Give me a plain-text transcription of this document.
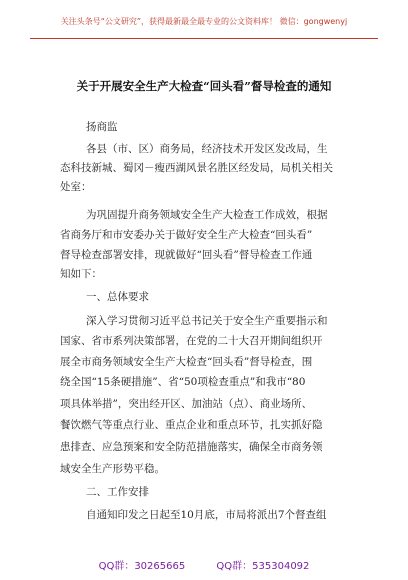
关注头条号“公文研究”，获得最新最全最专业的公文资料库！ 微信：gongwenyj
关于开展安全生产大检查“回头看”督导检查的通知
扬商监
各县（市、区）商务局，经济技术开发区发改局，生
态科技新城、蜀冈－瘦西湖风景名胜区经发局，局机关相关
处室：
为巩固提升商务领域安全生产大检查工作成效，根据
省商务厅和市安委办关于做好安全生产大检查“回头看”
督导检查部署安排，现就做好“回头看”督导检查工作通
知如下：
一、总体要求
深入学习贯彻习近平总书记关于安全生产重要指示和
国家、省市系列决策部署，在党的二十大召开期间组织开
展全市商务领域安全生产大检查“回头看”督导检查，围
绕全国“15条硬措施”、省“50项检查重点”和我市“80
项具体举措”，突出经开区、加油站（点）、商业场所、
餐饮燃气等重点行业、重点企业和重点环节，扎实抓好隐
患排查、应急预案和安全防范措施落实，确保全市商务领
域安全生产形势平稳。
二、工作安排
自通知印发之日起至10月底，市局将派出7个督查组
QQ群：30265665	QQ群：535304092
